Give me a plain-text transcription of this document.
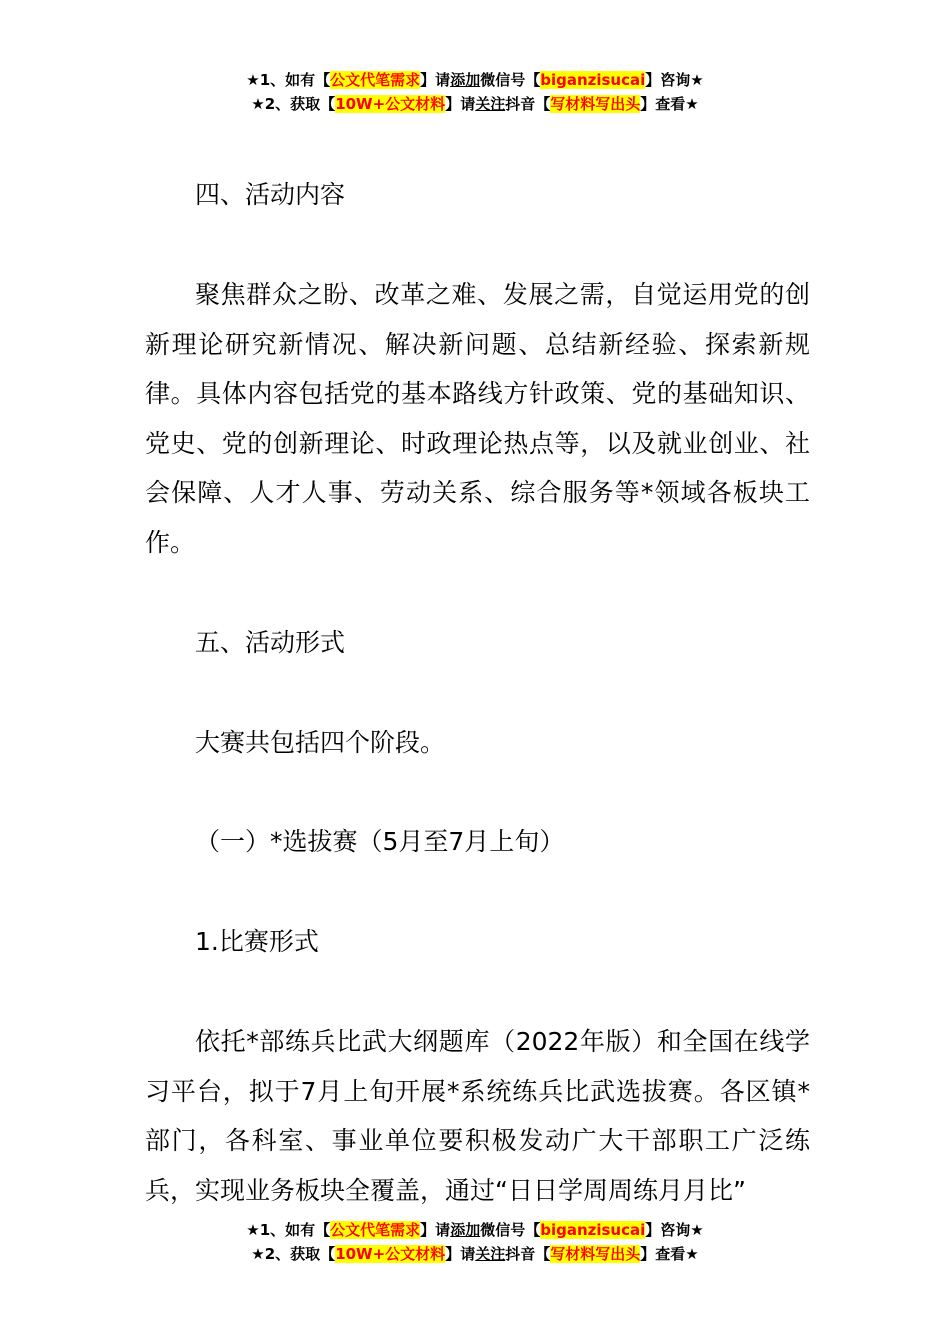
★1、如有【公文代笔需求】请添加微信号【biganzisucai】咨询★
★2、获取【10W+公文材料】请关注抖音【写材料写出头】查看★

四、活动内容

聚焦群众之盼、改革之难、发展之需，自觉运用党的创新理论研究新情况、解决新问题、总结新经验、探索新规律。具体内容包括党的基本路线方针政策、党的基础知识、党史、党的创新理论、时政理论热点等，以及就业创业、社会保障、人才人事、劳动关系、综合服务等*领域各板块工作。

五、活动形式

大赛共包括四个阶段。

（一）*选拔赛（5月至7月上旬）

1.比赛形式

依托*部练兵比武大纲题库（2022年版）和全国在线学习平台，拟于7月上旬开展*系统练兵比武选拔赛。各区镇*部门，各科室、事业单位要积极发动广大干部职工广泛练兵，实现业务板块全覆盖，通过“日日学周周练月月比”

★1、如有【公文代笔需求】请添加微信号【biganzisucai】咨询★
★2、获取【10W+公文材料】请关注抖音【写材料写出头】查看★
